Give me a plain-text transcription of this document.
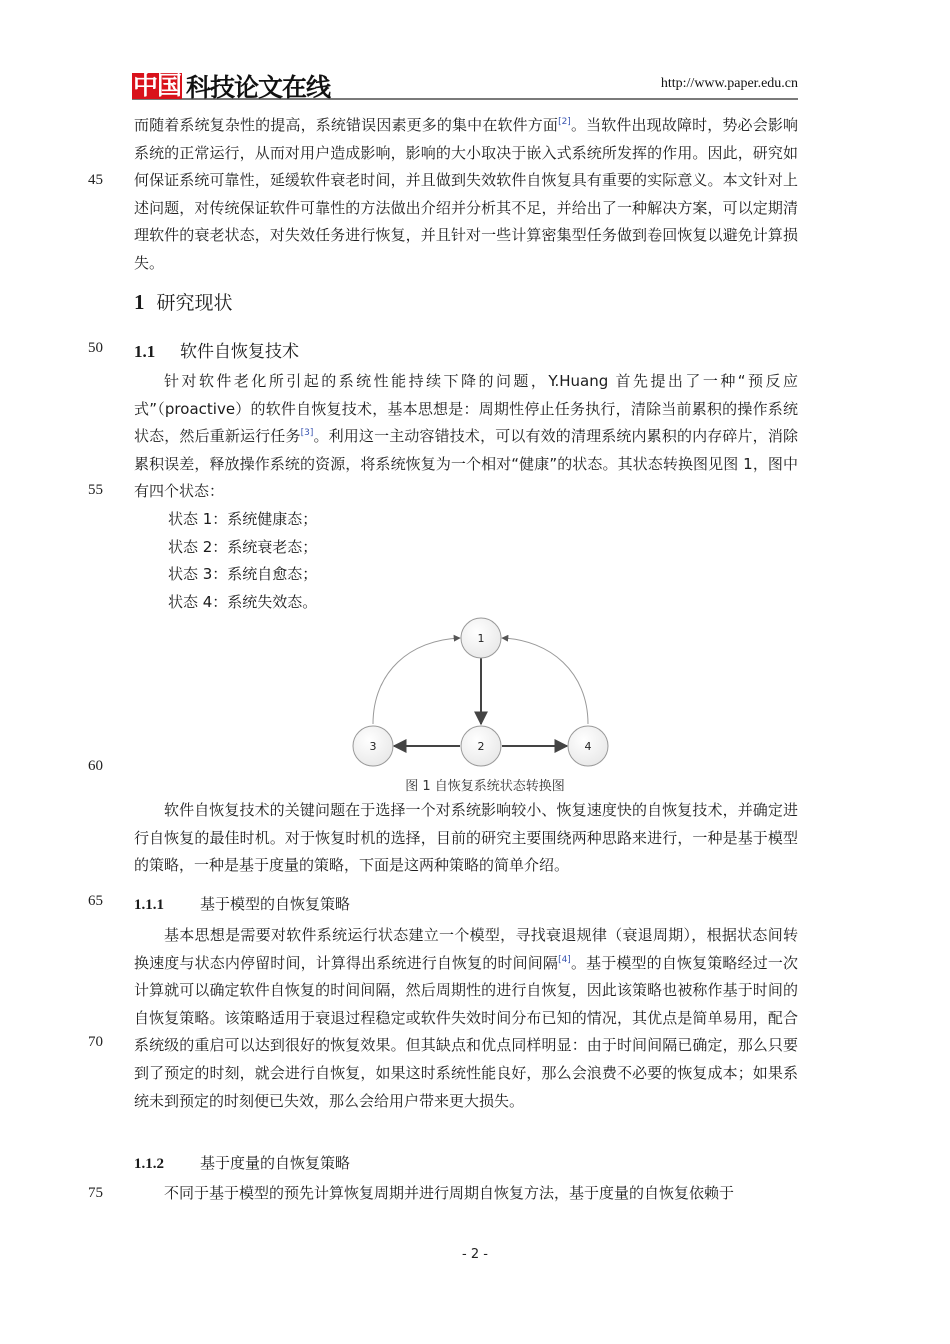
中国 科技论文在线	http://www.paper.edu.cn
45
50
55
60
65
70
75
而随着系统复杂性的提高，系统错误因素更多的集中在软件方面[2]。当软件出现故障时，势必会影响系统的正常运行，从而对用户造成影响，影响的大小取决于嵌入式系统所发挥的作用。因此，研究如何保证系统可靠性，延缓软件衰老时间，并且做到失效软件自恢复具有重要的实际意义。本文针对上述问题，对传统保证软件可靠性的方法做出介绍并分析其不足，并给出了一种解决方案，可以定期清理软件的衰老状态，对失效任务进行恢复，并且针对一些计算密集型任务做到卷回恢复以避免计算损失。
1 研究现状
1.1 软件自恢复技术
针对软件老化所引起的系统性能持续下降的问题，Y.Huang 首先提出了一种“预反应式”（proactive）的软件自恢复技术，基本思想是：周期性停止任务执行，清除当前累积的操作系统状态，然后重新运行任务[3]。利用这一主动容错技术，可以有效的清理系统内累积的内存碎片，消除累积误差，释放操作系统的资源，将系统恢复为一个相对“健康”的状态。其状态转换图见图 1，图中有四个状态：
状态 1：系统健康态；
状态 2：系统衰老态；
状态 3：系统自愈态；
状态 4：系统失效态。
1
2
3	4
图 1 自恢复系统状态转换图
软件自恢复技术的关键问题在于选择一个对系统影响较小、恢复速度快的自恢复技术，并确定进行自恢复的最佳时机。对于恢复时机的选择，目前的研究主要围绕两种思路来进行，一种是基于模型的策略，一种是基于度量的策略，下面是这两种策略的简单介绍。
1.1.1 基于模型的自恢复策略
基本思想是需要对软件系统运行状态建立一个模型，寻找衰退规律（衰退周期），根据状态间转换速度与状态内停留时间，计算得出系统进行自恢复的时间间隔[4]。基于模型的自恢复策略经过一次计算就可以确定软件自恢复的时间间隔，然后周期性的进行自恢复，因此该策略也被称作基于时间的自恢复策略。该策略适用于衰退过程稳定或软件失效时间分布已知的情况，其优点是简单易用，配合系统级的重启可以达到很好的恢复效果。但其缺点和优点同样明显：由于时间间隔已确定，那么只要到了预定的时刻，就会进行自恢复，如果这时系统性能良好，那么会浪费不必要的恢复成本；如果系统未到预定的时刻便已失效，那么会给用户带来更大损失。
1.1.2 基于度量的自恢复策略
不同于基于模型的预先计算恢复周期并进行周期自恢复方法，基于度量的自恢复依赖于
- 2 -
